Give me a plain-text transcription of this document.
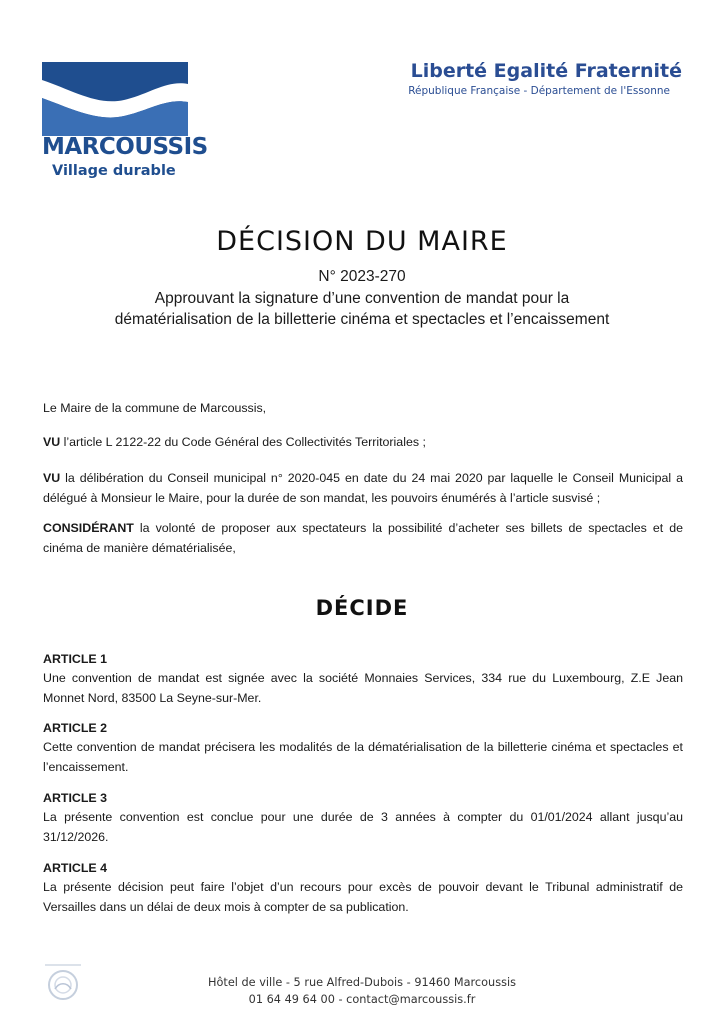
MARCOUSSIS
Village durable
Liberté Egalité Fraternité
République Française - Département de l'Essonne
DÉCISION DU MAIRE
N° 2023-270
Approuvant la signature d’une convention de mandat pour la
dématérialisation de la billetterie cinéma et spectacles et l’encaissement
Le Maire de la commune de Marcoussis,
VU l’article L 2122-22 du Code Général des Collectivités Territoriales ;
VU la délibération du Conseil municipal n° 2020-045 en date du 24 mai 2020 par laquelle le Conseil Municipal a délégué à Monsieur le Maire, pour la durée de son mandat, les pouvoirs énumérés à l’article susvisé ;
CONSIDÉRANT la volonté de proposer aux spectateurs la possibilité d’acheter ses billets de spectacles et de cinéma de manière dématérialisée,
DÉCIDE
ARTICLE 1
Une convention de mandat est signée avec la société Monnaies Services, 334 rue du Luxembourg, Z.E Jean Monnet Nord, 83500 La Seyne-sur-Mer.
ARTICLE 2
Cette convention de mandat précisera les modalités de la dématérialisation de la billetterie cinéma et spectacles et l’encaissement.
ARTICLE 3
La présente convention est conclue pour une durée de 3 années à compter du 01/01/2024 allant jusqu’au 31/12/2026.
ARTICLE 4
La présente décision peut faire l’objet d’un recours pour excès de pouvoir devant le Tribunal administratif de Versailles dans un délai de deux mois à compter de sa publication.
Hôtel de ville - 5 rue Alfred-Dubois - 91460 Marcoussis
01 64 49 64 00 - contact@marcoussis.fr
